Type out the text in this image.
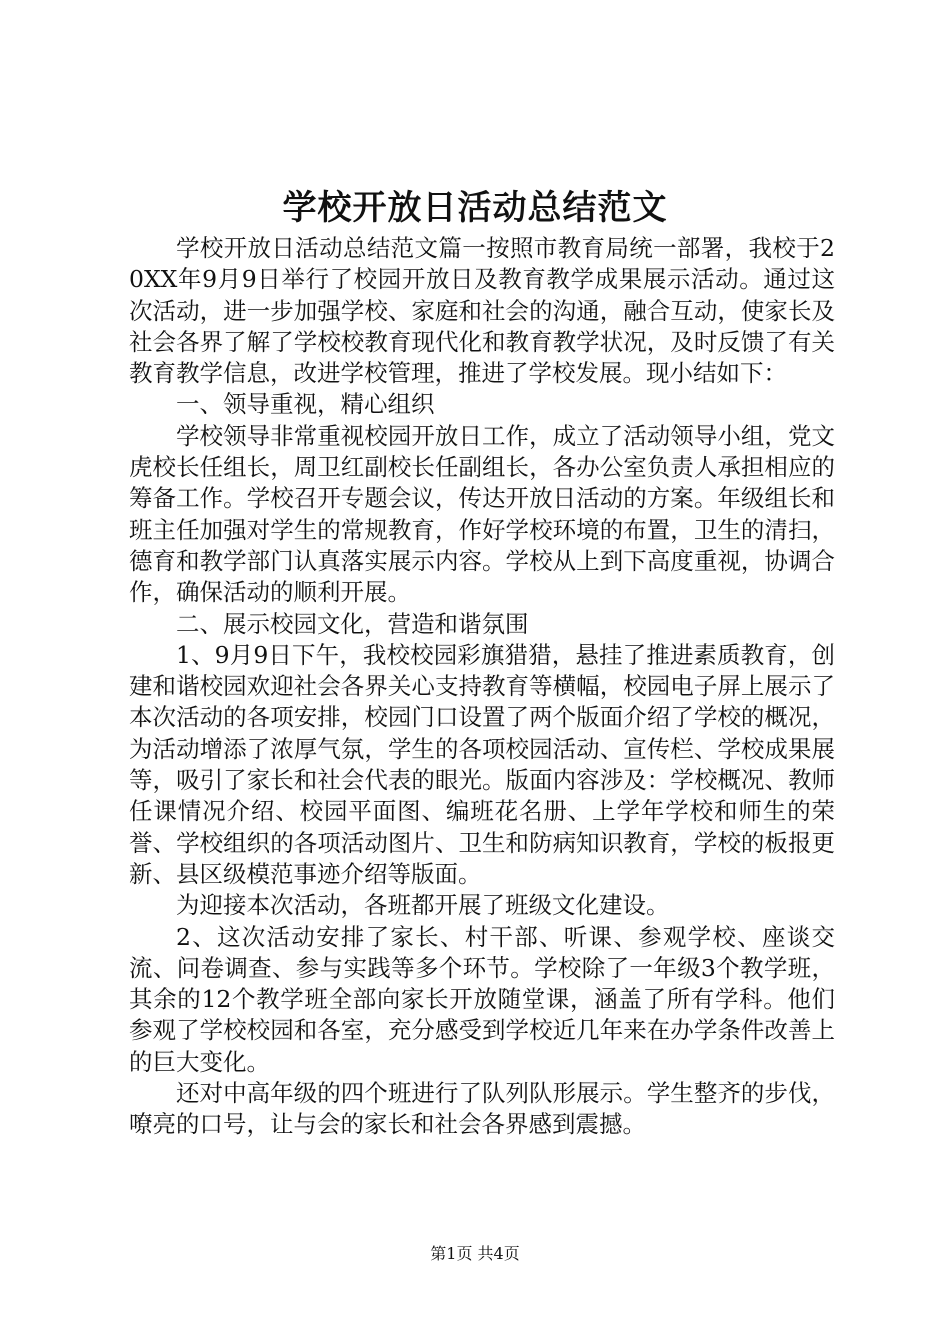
学校开放日活动总结范文

学校开放日活动总结范文篇一按照市教育局统一部署，我校于20XX年9月9日举行了校园开放日及教育教学成果展示活动。通过这次活动，进一步加强学校、家庭和社会的沟通，融合互动，使家长及社会各界了解了学校校教育现代化和教育教学状况，及时反馈了有关教育教学信息，改进学校管理，推进了学校发展。现小结如下：

一、领导重视，精心组织

学校领导非常重视校园开放日工作，成立了活动领导小组，党文虎校长任组长，周卫红副校长任副组长，各办公室负责人承担相应的筹备工作。学校召开专题会议，传达开放日活动的方案。年级组长和班主任加强对学生的常规教育，作好学校环境的布置，卫生的清扫，德育和教学部门认真落实展示内容。学校从上到下高度重视，协调合作，确保活动的顺利开展。

二、展示校园文化，营造和谐氛围

1、9月9日下午，我校校园彩旗猎猎，悬挂了推进素质教育，创建和谐校园欢迎社会各界关心支持教育等横幅，校园电子屏上展示了本次活动的各项安排，校园门口设置了两个版面介绍了学校的概况，为活动增添了浓厚气氛，学生的各项校园活动、宣传栏、学校成果展等，吸引了家长和社会代表的眼光。版面内容涉及：学校概况、教师任课情况介绍、校园平面图、编班花名册、上学年学校和师生的荣誉、学校组织的各项活动图片、卫生和防病知识教育，学校的板报更新、县区级模范事迹介绍等版面。

为迎接本次活动，各班都开展了班级文化建设。

2、这次活动安排了家长、村干部、听课、参观学校、座谈交流、问卷调查、参与实践等多个环节。学校除了一年级3个教学班，其余的12个教学班全部向家长开放随堂课，涵盖了所有学科。他们参观了学校校园和各室，充分感受到学校近几年来在办学条件改善上的巨大变化。

还对中高年级的四个班进行了队列队形展示。学生整齐的步伐，嘹亮的口号，让与会的家长和社会各界感到震撼。

第1页 共4页
